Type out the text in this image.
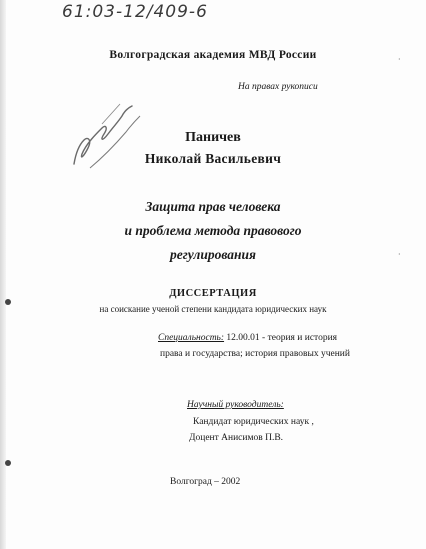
61:03-12/409-6
Волгоградская академия МВД России
На правах рукописи
Паничев
Николай Васильевич
Защита прав человека
и проблема метода правового
регулирования
ДИССЕРТАЦИЯ
на соискание ученой степени кандидата юридических наук
Специальность: 12.00.01 - теория и история
права и государства; история правовых учений
Научный руководитель:
Кандидат юридических наук ,
Доцент Анисимов П.В.
Волгоград – 2002
·
·
